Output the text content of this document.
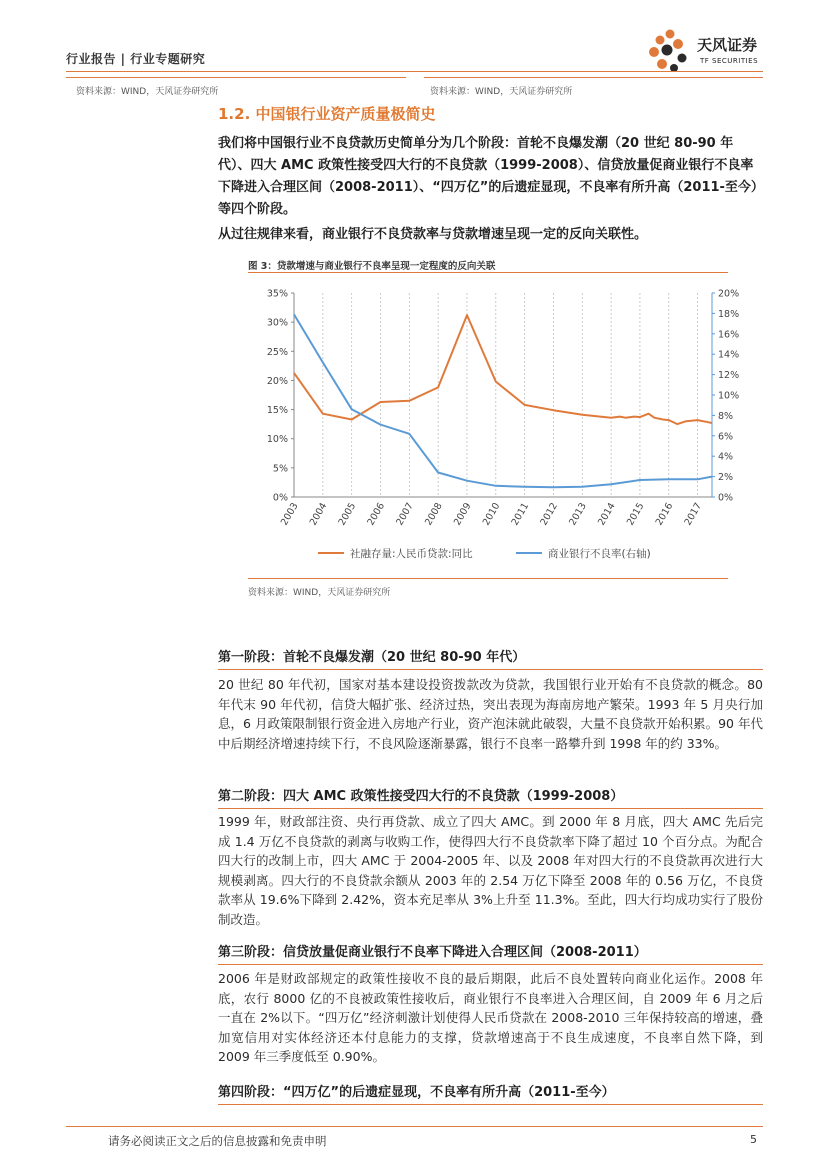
行业报告 | 行业专题研究
天风证券
TF SECURITIES
资料来源：WIND，天风证券研究所	资料来源：WIND，天风证券研究所
1.2. 中国银行业资产质量极简史
我们将中国银行业不良贷款历史简单分为几个阶段：首轮不良爆发潮（20 世纪 80-90 年代）、四大 AMC 政策性接受四大行的不良贷款（1999-2008）、信贷放量促商业银行不良率下降进入合理区间（2008-2011）、“四万亿”的后遗症显现，不良率有所升高（2011-至今）等四个阶段。
从过往规律来看，商业银行不良贷款率与贷款增速呈现一定的反向关联性。
图 3：贷款增速与商业银行不良率呈现一定程度的反向关联
0%
5%
10%
15%
20%
25%
30%
35%
0%
2%
4%
6%
8%
10%
12%
14%
16%
18%
20%
2003 2004 2005 2006 2007 2008 2009 2010 2011 2012 2013 2014 2015 2016 2017
社融存量:人民币贷款:同比	商业银行不良率(右轴)
资料来源：WIND，天风证券研究所
第一阶段：首轮不良爆发潮（20 世纪 80-90 年代）
20 世纪 80 年代初，国家对基本建设投资拨款改为贷款，我国银行业开始有不良贷款的概念。80 年代末 90 年代初，信贷大幅扩张、经济过热，突出表现为海南房地产繁荣。1993 年 5 月央行加息，6 月政策限制银行资金进入房地产行业，资产泡沫就此破裂，大量不良贷款开始积累。90 年代中后期经济增速持续下行，不良风险逐渐暴露，银行不良率一路攀升到 1998 年的约 33%。
第二阶段：四大 AMC 政策性接受四大行的不良贷款（1999-2008）
1999 年，财政部注资、央行再贷款、成立了四大 AMC。到 2000 年 8 月底，四大 AMC 先后完成 1.4 万亿不良贷款的剥离与收购工作，使得四大行不良贷款率下降了超过 10 个百分点。为配合四大行的改制上市，四大 AMC 于 2004-2005 年、以及 2008 年对四大行的不良贷款再次进行大规模剥离。四大行的不良贷款余额从 2003 年的 2.54 万亿下降至 2008 年的 0.56 万亿，不良贷款率从 19.6%下降到 2.42%，资本充足率从 3%上升至 11.3%。至此，四大行均成功实行了股份制改造。
第三阶段：信贷放量促商业银行不良率下降进入合理区间（2008-2011）
2006 年是财政部规定的政策性接收不良的最后期限，此后不良处置转向商业化运作。2008 年底，农行 8000 亿的不良被政策性接收后，商业银行不良率进入合理区间，自 2009 年 6 月之后一直在 2%以下。“四万亿”经济刺激计划使得人民币贷款在 2008-2010 三年保持较高的增速，叠加宽信用对实体经济还本付息能力的支撑，贷款增速高于不良生成速度，不良率自然下降，到 2009 年三季度低至 0.90%。
第四阶段：“四万亿”的后遗症显现，不良率有所升高（2011-至今）
请务必阅读正文之后的信息披露和免责申明	5
